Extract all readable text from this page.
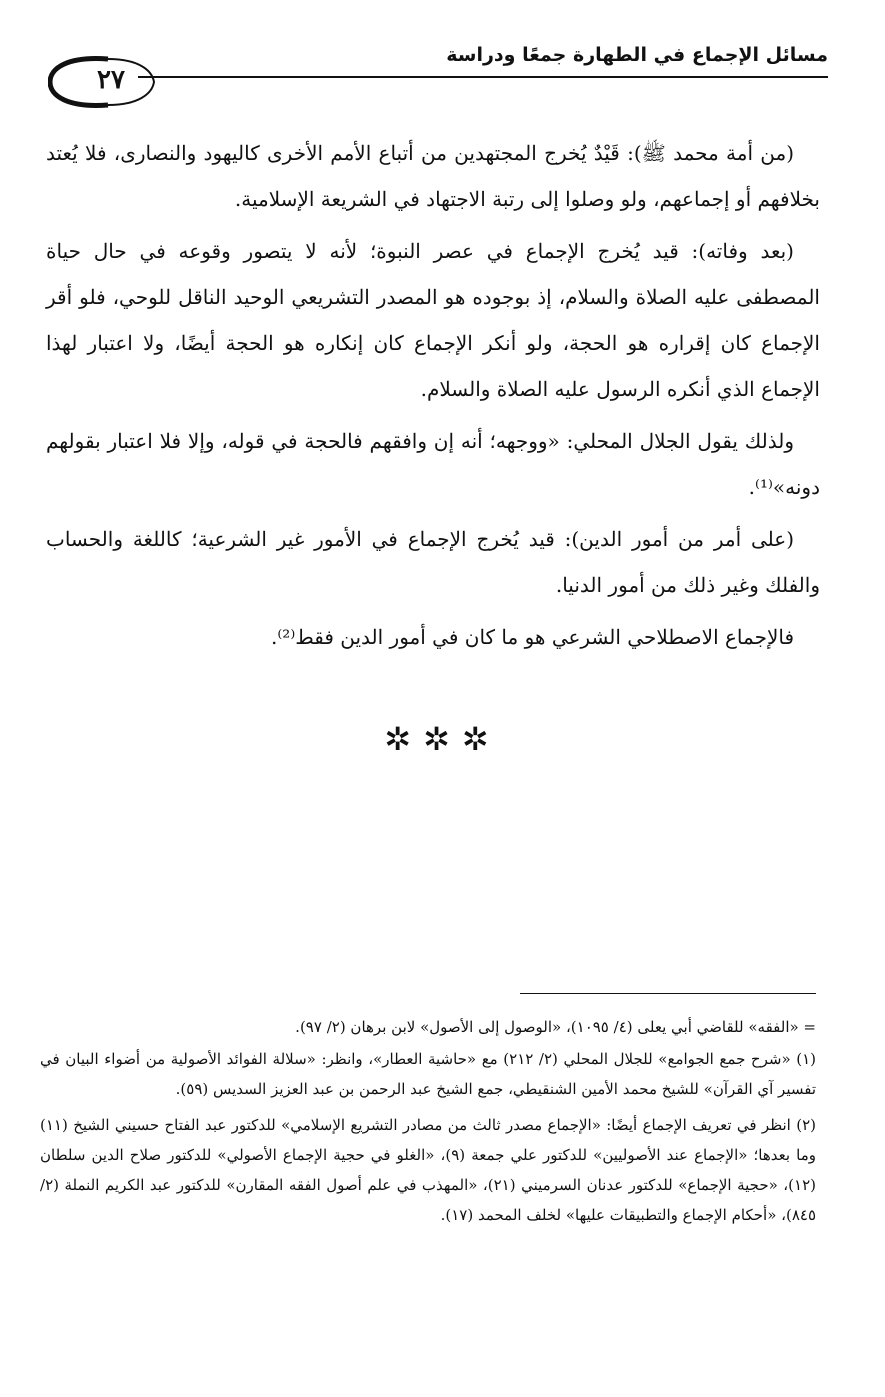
مسائل الإجماع في الطهارة جمعًا ودراسة
٢٧

(من أمة محمد ﷺ): قَيْدٌ يُخرج المجتهدين من أتباع الأمم الأخرى كاليهود والنصارى، فلا يُعتد بخلافهم أو إجماعهم، ولو وصلوا إلى رتبة الاجتهاد في الشريعة الإسلامية.

(بعد وفاته): قيد يُخرج الإجماع في عصر النبوة؛ لأنه لا يتصور وقوعه في حال حياة المصطفى عليه الصلاة والسلام، إذ بوجوده هو المصدر التشريعي الوحيد الناقل للوحي، فلو أقر الإجماع كان إقراره هو الحجة، ولو أنكر الإجماع كان إنكاره هو الحجة أيضًا، ولا اعتبار لهذا الإجماع الذي أنكره الرسول عليه الصلاة والسلام.

ولذلك يقول الجلال المحلي: «ووجهه؛ أنه إن وافقهم فالحجة في قوله، وإلا فلا اعتبار بقولهم دونه»⁽¹⁾.

(على أمر من أمور الدين): قيد يُخرج الإجماع في الأمور غير الشرعية؛ كاللغة والحساب والفلك وغير ذلك من أمور الدنيا.

فالإجماع الاصطلاحي الشرعي هو ما كان في أمور الدين فقط⁽²⁾.

✲✲✲

= «الفقه» للقاضي أبي يعلى (٤/ ١٠٩٥)، «الوصول إلى الأصول» لابن برهان (٢/ ٩٧).

(١) «شرح جمع الجوامع» للجلال المحلي (٢/ ٢١٢) مع «حاشية العطار»، وانظر: «سلالة الفوائد الأصولية من أضواء البيان في تفسير آي القرآن» للشيخ محمد الأمين الشنقيطي، جمع الشيخ عبد الرحمن بن عبد العزيز السديس (٥٩).

(٢) انظر في تعريف الإجماع أيضًا: «الإجماع مصدر ثالث من مصادر التشريع الإسلامي» للدكتور عبد الفتاح حسيني الشيخ (١١) وما بعدها؛ «الإجماع عند الأصوليين» للدكتور علي جمعة (٩)، «الغلو في حجية الإجماع الأصولي» للدكتور صلاح الدين سلطان (١٢)، «حجية الإجماع» للدكتور عدنان السرميني (٢١)، «المهذب في علم أصول الفقه المقارن» للدكتور عبد الكريم النملة (٢/ ٨٤٥)، «أحكام الإجماع والتطبيقات عليها» لخلف المحمد (١٧).
